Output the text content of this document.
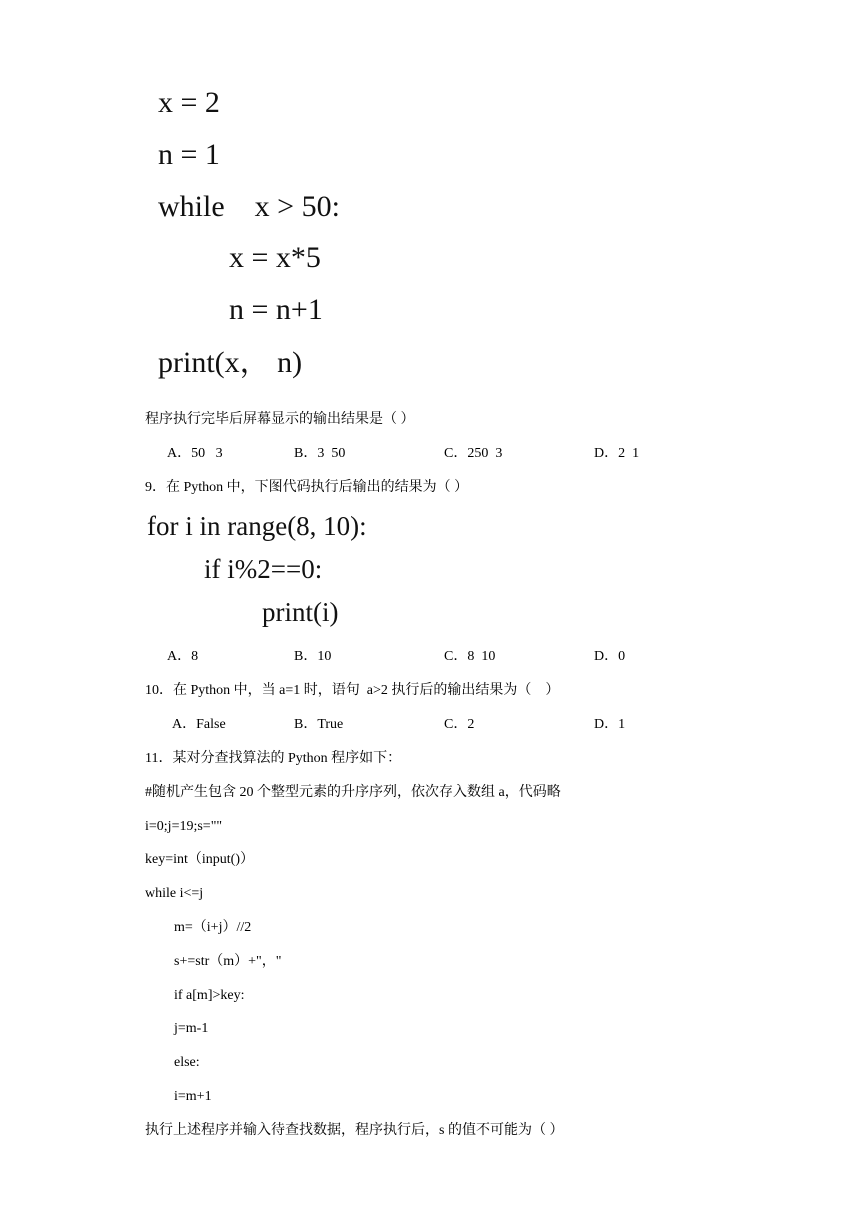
x = 2
n = 1
while    x > 50:
x = x*5
n = n+1
print(x， n)
程序执行完毕后屏幕显示的输出结果是（ ）
A．50   3	B．3  50	C．250  3	D．2  1
9．在 Python 中，下图代码执行后输出的结果为（ ）
for i in range(8, 10):
if i%2==0:
print(i)
A．8	B．10	C．8  10	D．0
10．在 Python 中，当 a=1 时，语句  a>2 执行后的输出结果为（    ）
A．False	B．True	C．2	D．1
11．某对分查找算法的 Python 程序如下：
#随机产生包含 20 个整型元素的升序序列，依次存入数组 a，代码略
i=0;j=19;s=""
key=int（input()）
while i<=j
m=（i+j）//2
s+=str（m）+"，"
if a[m]>key:
j=m-1
else:
i=m+1
执行上述程序并输入待查找数据，程序执行后，s 的值不可能为（ ）
